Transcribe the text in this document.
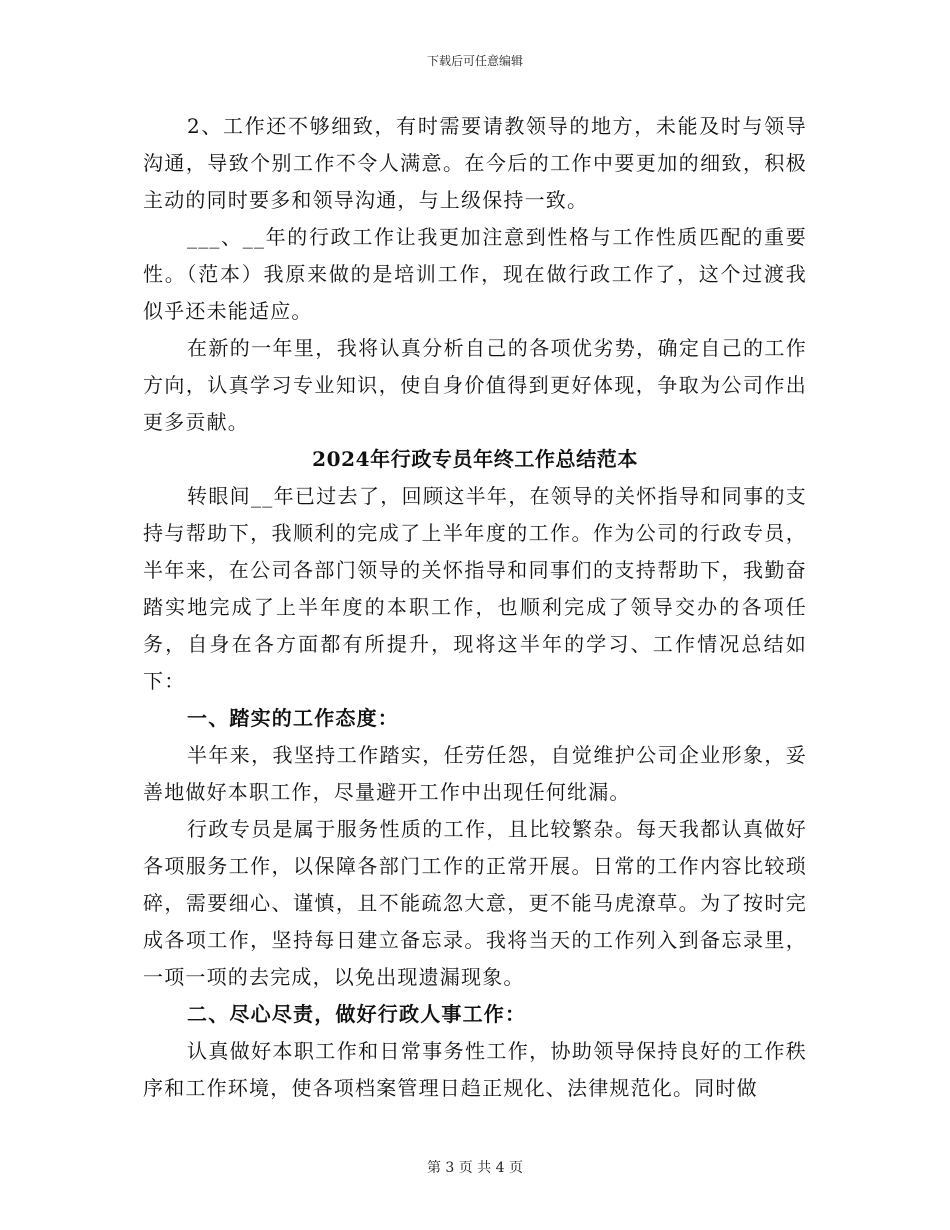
下载后可任意编辑

2、工作还不够细致，有时需要请教领导的地方，未能及时与领导沟通，导致个别工作不令人满意。在今后的工作中要更加的细致，积极主动的同时要多和领导沟通，与上级保持一致。

___、__年的行政工作让我更加注意到性格与工作性质匹配的重要性。（范本）我原来做的是培训工作，现在做行政工作了，这个过渡我似乎还未能适应。

在新的一年里，我将认真分析自己的各项优劣势，确定自己的工作方向，认真学习专业知识，使自身价值得到更好体现，争取为公司作出更多贡献。

2024年行政专员年终工作总结范本

转眼间__年已过去了，回顾这半年，在领导的关怀指导和同事的支持与帮助下，我顺利的完成了上半年度的工作。作为公司的行政专员，半年来，在公司各部门领导的关怀指导和同事们的支持帮助下，我勤奋踏实地完成了上半年度的本职工作，也顺利完成了领导交办的各项任务，自身在各方面都有所提升，现将这半年的学习、工作情况总结如下：

一、踏实的工作态度：

半年来，我坚持工作踏实，任劳任怨，自觉维护公司企业形象，妥善地做好本职工作，尽量避开工作中出现任何纰漏。

行政专员是属于服务性质的工作，且比较繁杂。每天我都认真做好各项服务工作，以保障各部门工作的正常开展。日常的工作内容比较琐碎，需要细心、谨慎，且不能疏忽大意，更不能马虎潦草。为了按时完成各项工作，坚持每日建立备忘录。我将当天的工作列入到备忘录里，一项一项的去完成，以免出现遗漏现象。

二、尽心尽责，做好行政人事工作：

认真做好本职工作和日常事务性工作，协助领导保持良好的工作秩序和工作环境，使各项档案管理日趋正规化、法律规范化。同时做

第 3 页 共 4 页
